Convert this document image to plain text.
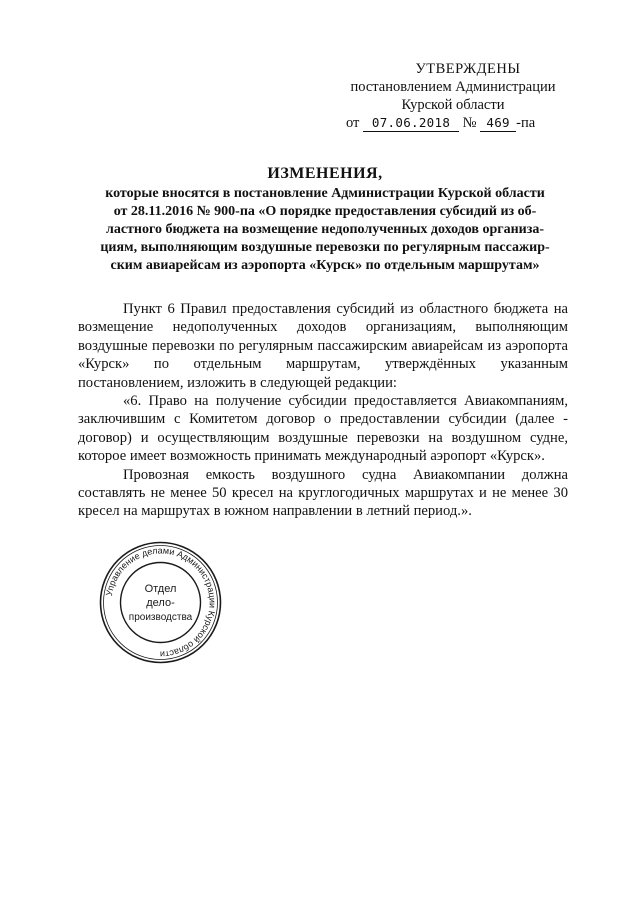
УТВЕРЖДЕНЫ
постановлением Администрации
Курской области
от 07.06.2018 № 469 -па
ИЗМЕНЕНИЯ,
которые вносятся в постановление Администрации Курской области
от 28.11.2016 № 900-па «О порядке предоставления субсидий из об-
ластного бюджета на возмещение недополученных доходов организа-
циям, выполняющим воздушные перевозки по регулярным пассажир-
ским авиарейсам из аэропорта «Курск» по отдельным маршрутам»

Пункт 6 Правил предоставления субсидий из областного бюджета на возмещение недополученных доходов организациям, выполняющим воздушные перевозки по регулярным пассажирским авиарейсам из аэропорта «Курск» по отдельным маршрутам, утверждённых указанным постановлением, изложить в следующей редакции:

«6. Право на получение субсидии предоставляется Авиакомпаниям, заключившим с Комитетом договор о предоставлении субсидии (далее - договор) и осуществляющим воздушные перевозки на воздушном судне, которое имеет возможность принимать международный аэропорт «Курск».

Провозная емкость воздушного судна Авиакомпании должна составлять не менее 50 кресел на круглогодичных маршрутах и не менее 30 кресел на маршрутах в южном направлении в летний период.».

Управление делами Администрации Курской области
Отдел
дело-
производства
